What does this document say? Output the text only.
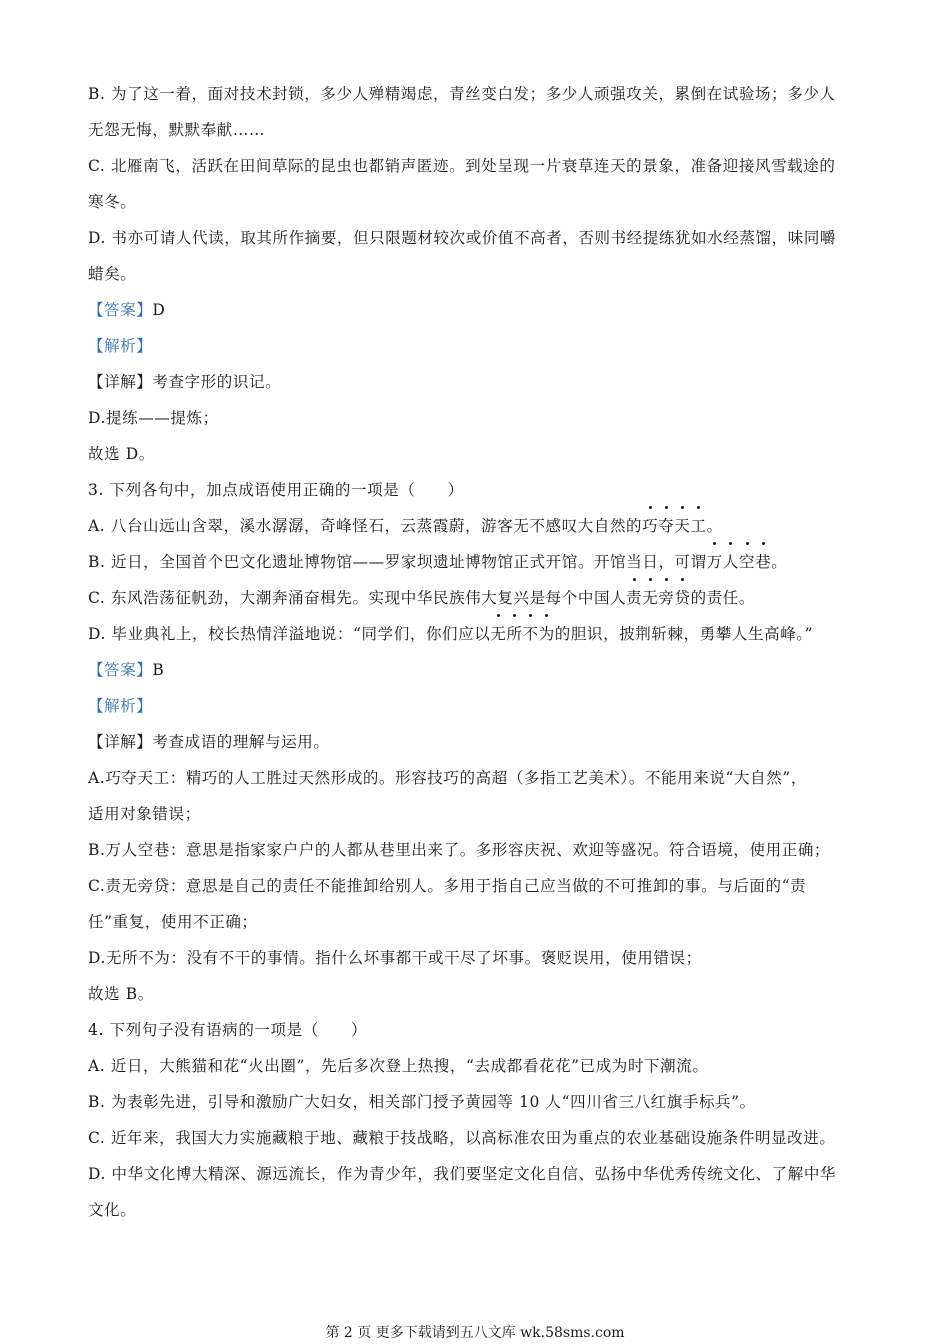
B. 为了这一着，面对技术封锁，多少人殚精竭虑，青丝变白发；多少人顽强攻关，累倒在试验场；多少人
无怨无悔，默默奉献……
C. 北雁南飞，活跃在田间草际的昆虫也都销声匿迹。到处呈现一片衰草连天的景象，准备迎接风雪载途的
寒冬。
D. 书亦可请人代读，取其所作摘要，但只限题材较次或价值不高者，否则书经提练犹如水经蒸馏，味同嚼
蜡矣。
【答案】D
【解析】
【详解】考查字形的识记。
D.提练——提炼；
故选 D。
3. 下列各句中，加点成语使用正确的一项是（　　）
A. 八台山远山含翠，溪水潺潺，奇峰怪石，云蒸霞蔚，游客无不感叹大自然的巧夺天工。
B. 近日，全国首个巴文化遗址博物馆——罗家坝遗址博物馆正式开馆。开馆当日，可谓万人空巷。
C. 东风浩荡征帆劲，大潮奔涌奋楫先。实现中华民族伟大复兴是每个中国人责无旁贷的责任。
D. 毕业典礼上，校长热情洋溢地说：“同学们，你们应以无所不为的胆识，披荆斩棘，勇攀人生高峰。”
【答案】B
【解析】
【详解】考查成语的理解与运用。
A.巧夺天工：精巧的人工胜过天然形成的。形容技巧的高超（多指工艺美术）。不能用来说“大自然”，
适用对象错误；
B.万人空巷：意思是指家家户户的人都从巷里出来了。多形容庆祝、欢迎等盛况。符合语境，使用正确；
C.责无旁贷：意思是自己的责任不能推卸给别人。多用于指自己应当做的不可推卸的事。与后面的“责
任”重复，使用不正确；
D.无所不为：没有不干的事情。指什么坏事都干或干尽了坏事。褒贬误用，使用错误；
故选 B。
4. 下列句子没有语病的一项是（　　）
A. 近日，大熊猫和花“火出圈”，先后多次登上热搜，“去成都看花花”已成为时下潮流。
B. 为表彰先进，引导和激励广大妇女，相关部门授予黄园等 10 人“四川省三八红旗手标兵”。
C. 近年来，我国大力实施藏粮于地、藏粮于技战略，以高标准农田为重点的农业基础设施条件明显改进。
D. 中华文化博大精深、源远流长，作为青少年，我们要坚定文化自信、弘扬中华优秀传统文化、了解中华
文化。
第 2 页 更多下载请到五八文库 wk.58sms.com
